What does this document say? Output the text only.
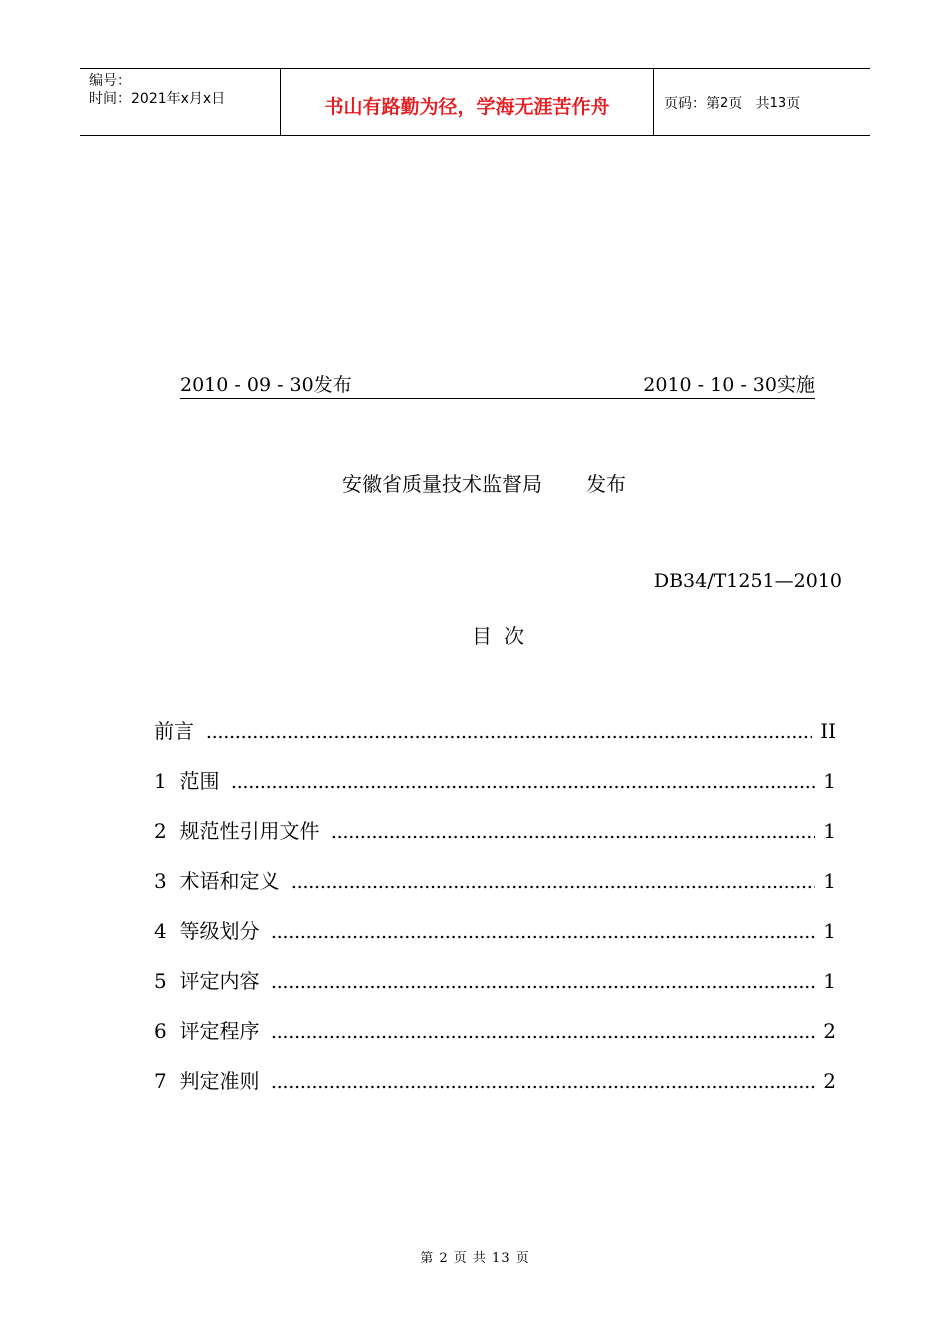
编号：
时间：2021年x月x日	书山有路勤为径，学海无涯苦作舟	页码：第 2 页   共 13 页
2010 - 09 - 30发布	2010 - 10 - 30实施
安徽省质量技术监督局 发布
DB34/T1251—2010
目次
前言	II
1  范围	1
2  规范性引用文件	1
3  术语和定义	1
4  等级划分	1
5  评定内容	1
6  评定程序	2
7  判定准则	2
第 2 页 共 13 页
